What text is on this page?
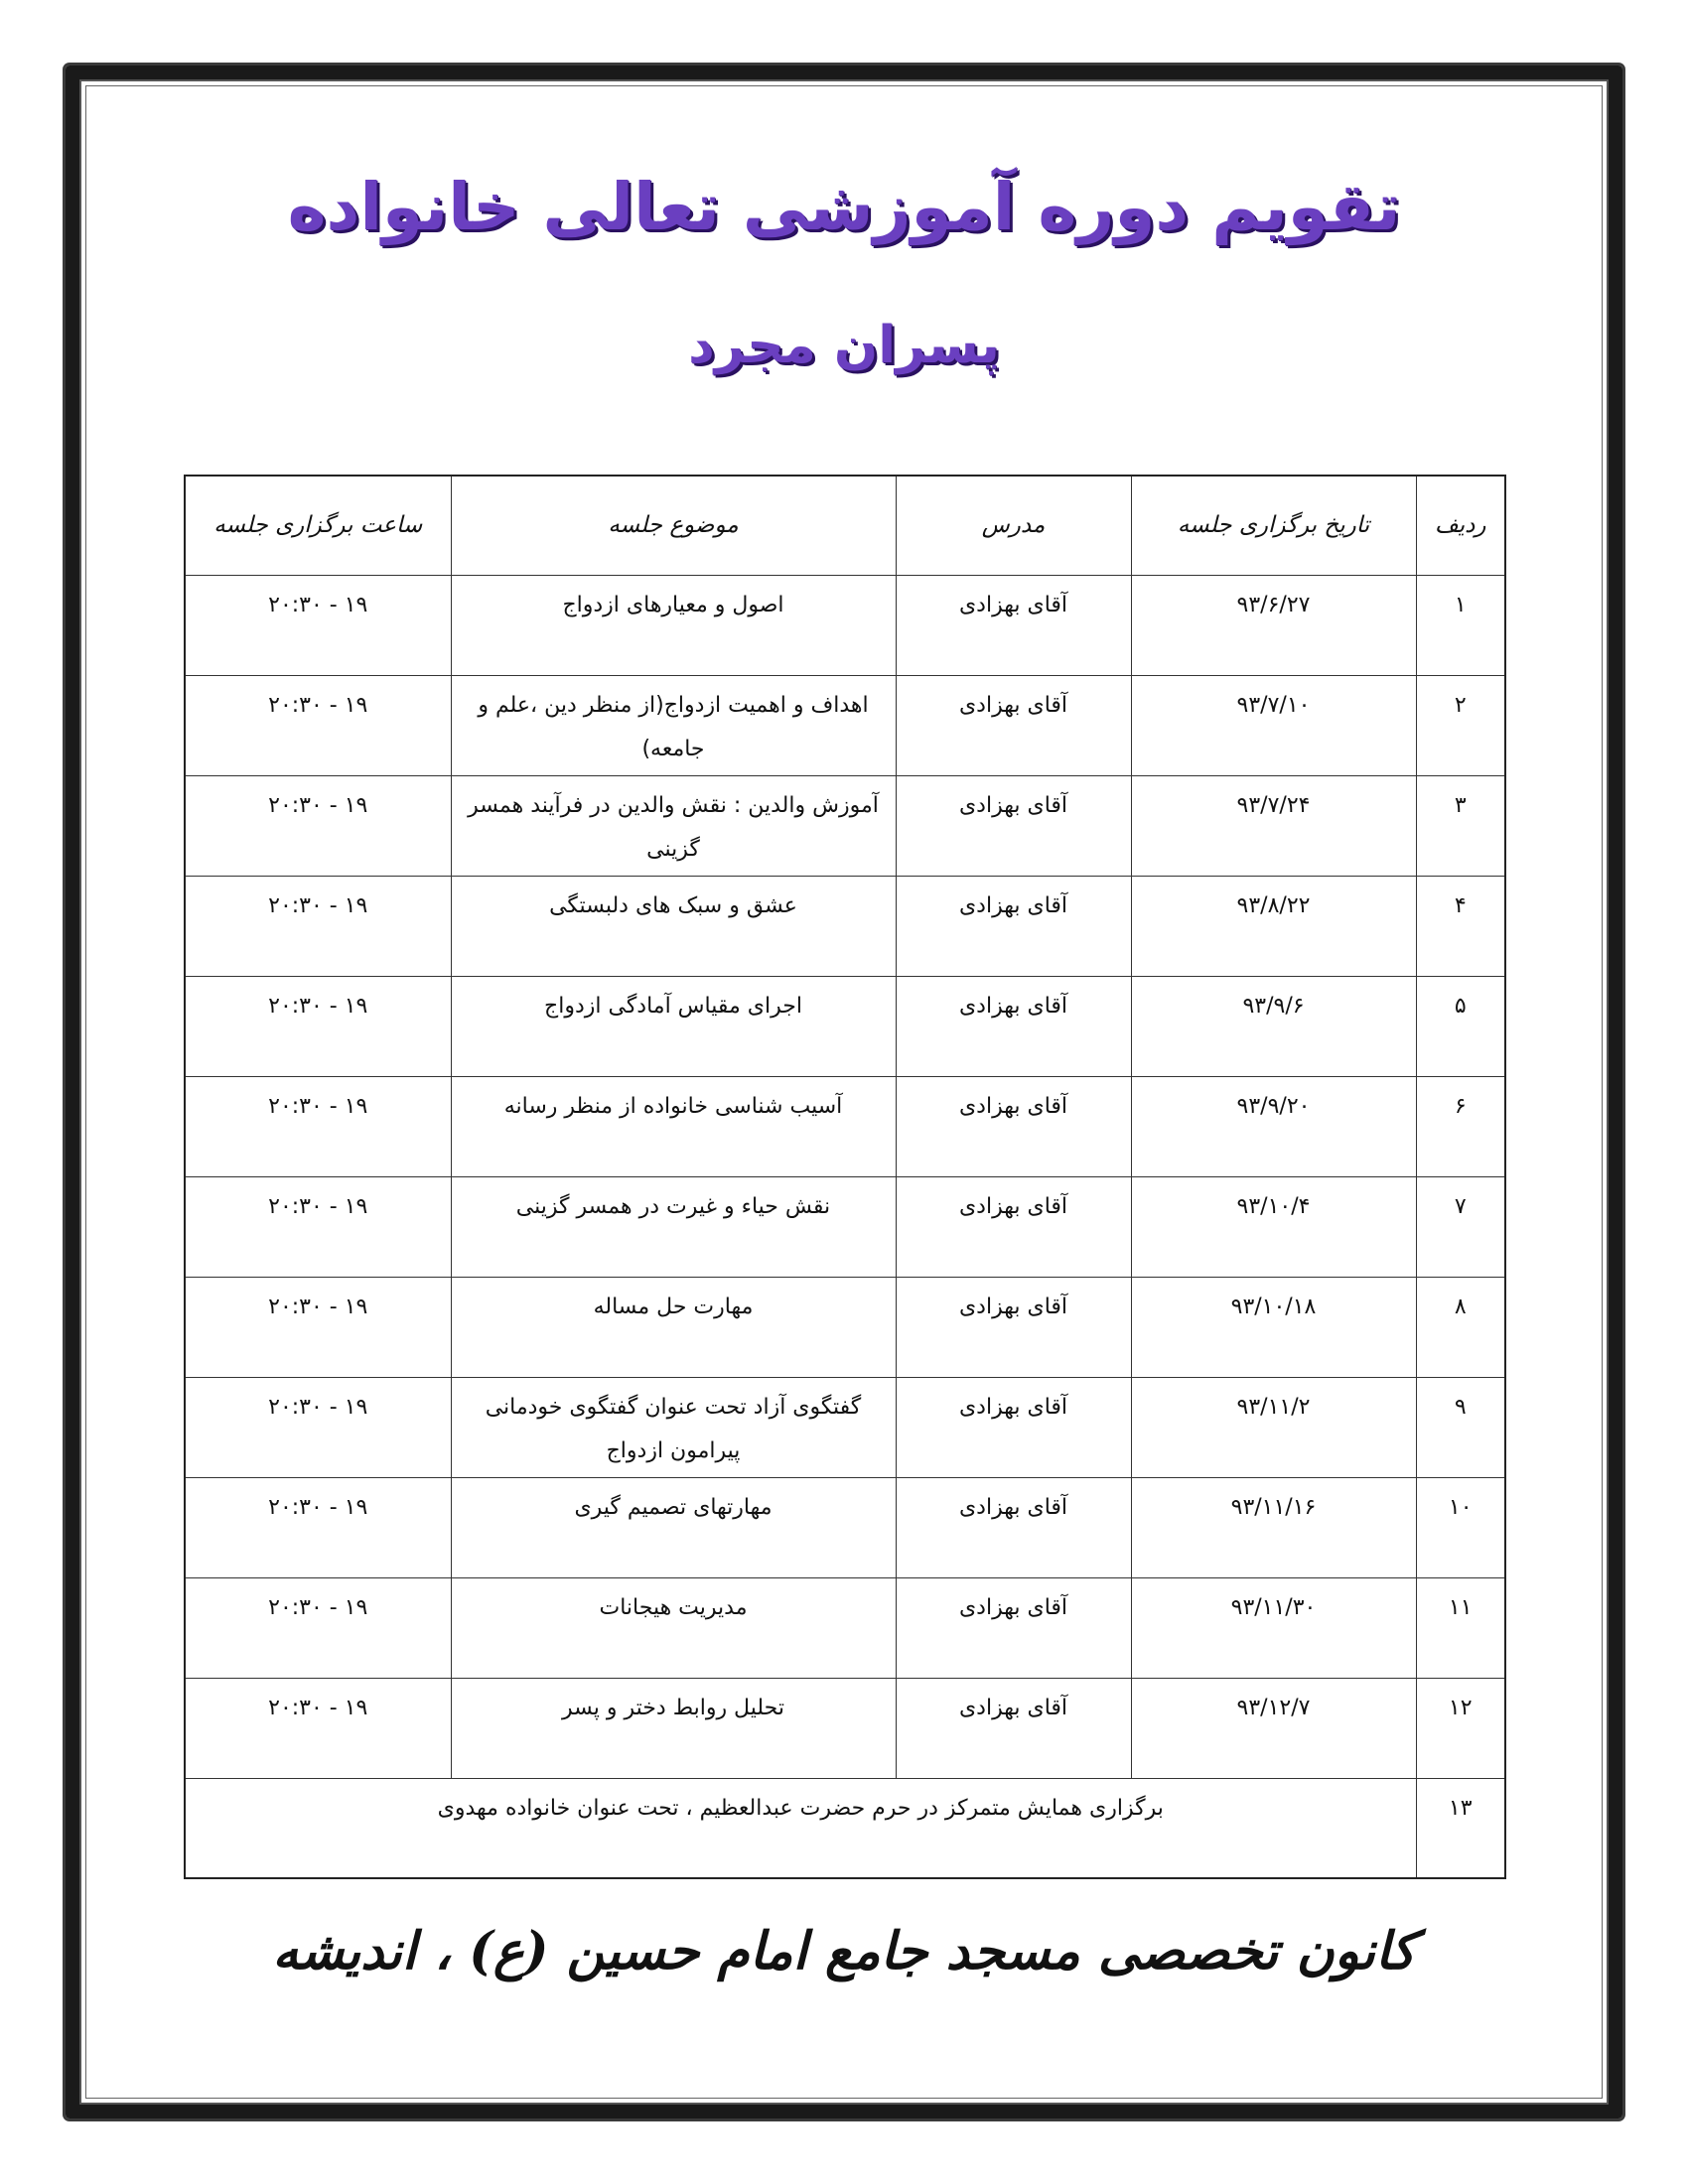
تقویم دوره آموزشی تعالی خانواده
پسران مجرد
ردیف	تاریخ برگزاری جلسه	مدرس	موضوع جلسه	ساعت برگزاری جلسه
۱	۹۳/۶/۲۷	آقای بهزادی	اصول و معیارهای ازدواج	۲۰:۳۰ - ۱۹
۲	۹۳/۷/۱۰	آقای بهزادی	اهداف و اهمیت ازدواج(از منظر دین ،علم و جامعه)	۲۰:۳۰ - ۱۹
۳	۹۳/۷/۲۴	آقای بهزادی	آموزش والدین : نقش والدین در فرآیند همسر گزینی	۲۰:۳۰ - ۱۹
۴	۹۳/۸/۲۲	آقای بهزادی	عشق و سبک های دلبستگی	۲۰:۳۰ - ۱۹
۵	۹۳/۹/۶	آقای بهزادی	اجرای مقیاس آمادگی ازدواج	۲۰:۳۰ - ۱۹
۶	۹۳/۹/۲۰	آقای بهزادی	آسیب شناسی خانواده از منظر رسانه	۲۰:۳۰ - ۱۹
۷	۹۳/۱۰/۴	آقای بهزادی	نقش حیاء و غیرت در همسر گزینی	۲۰:۳۰ - ۱۹
۸	۹۳/۱۰/۱۸	آقای بهزادی	مهارت حل مساله	۲۰:۳۰ - ۱۹
۹	۹۳/۱۱/۲	آقای بهزادی	گفتگوی آزاد تحت عنوان گفتگوی خودمانی پیرامون ازدواج	۲۰:۳۰ - ۱۹
۱۰	۹۳/۱۱/۱۶	آقای بهزادی	مهارتهای تصمیم گیری	۲۰:۳۰ - ۱۹
۱۱	۹۳/۱۱/۳۰	آقای بهزادی	مدیریت هیجانات	۲۰:۳۰ - ۱۹
۱۲	۹۳/۱۲/۷	آقای بهزادی	تحلیل روابط دختر و پسر	۲۰:۳۰ - ۱۹
۱۳	برگزاری همایش متمرکز در حرم حضرت عبدالعظیم ، تحت عنوان خانواده مهدوی			
کانون تخصصی مسجد جامع امام حسین (ع) ، اندیشه
